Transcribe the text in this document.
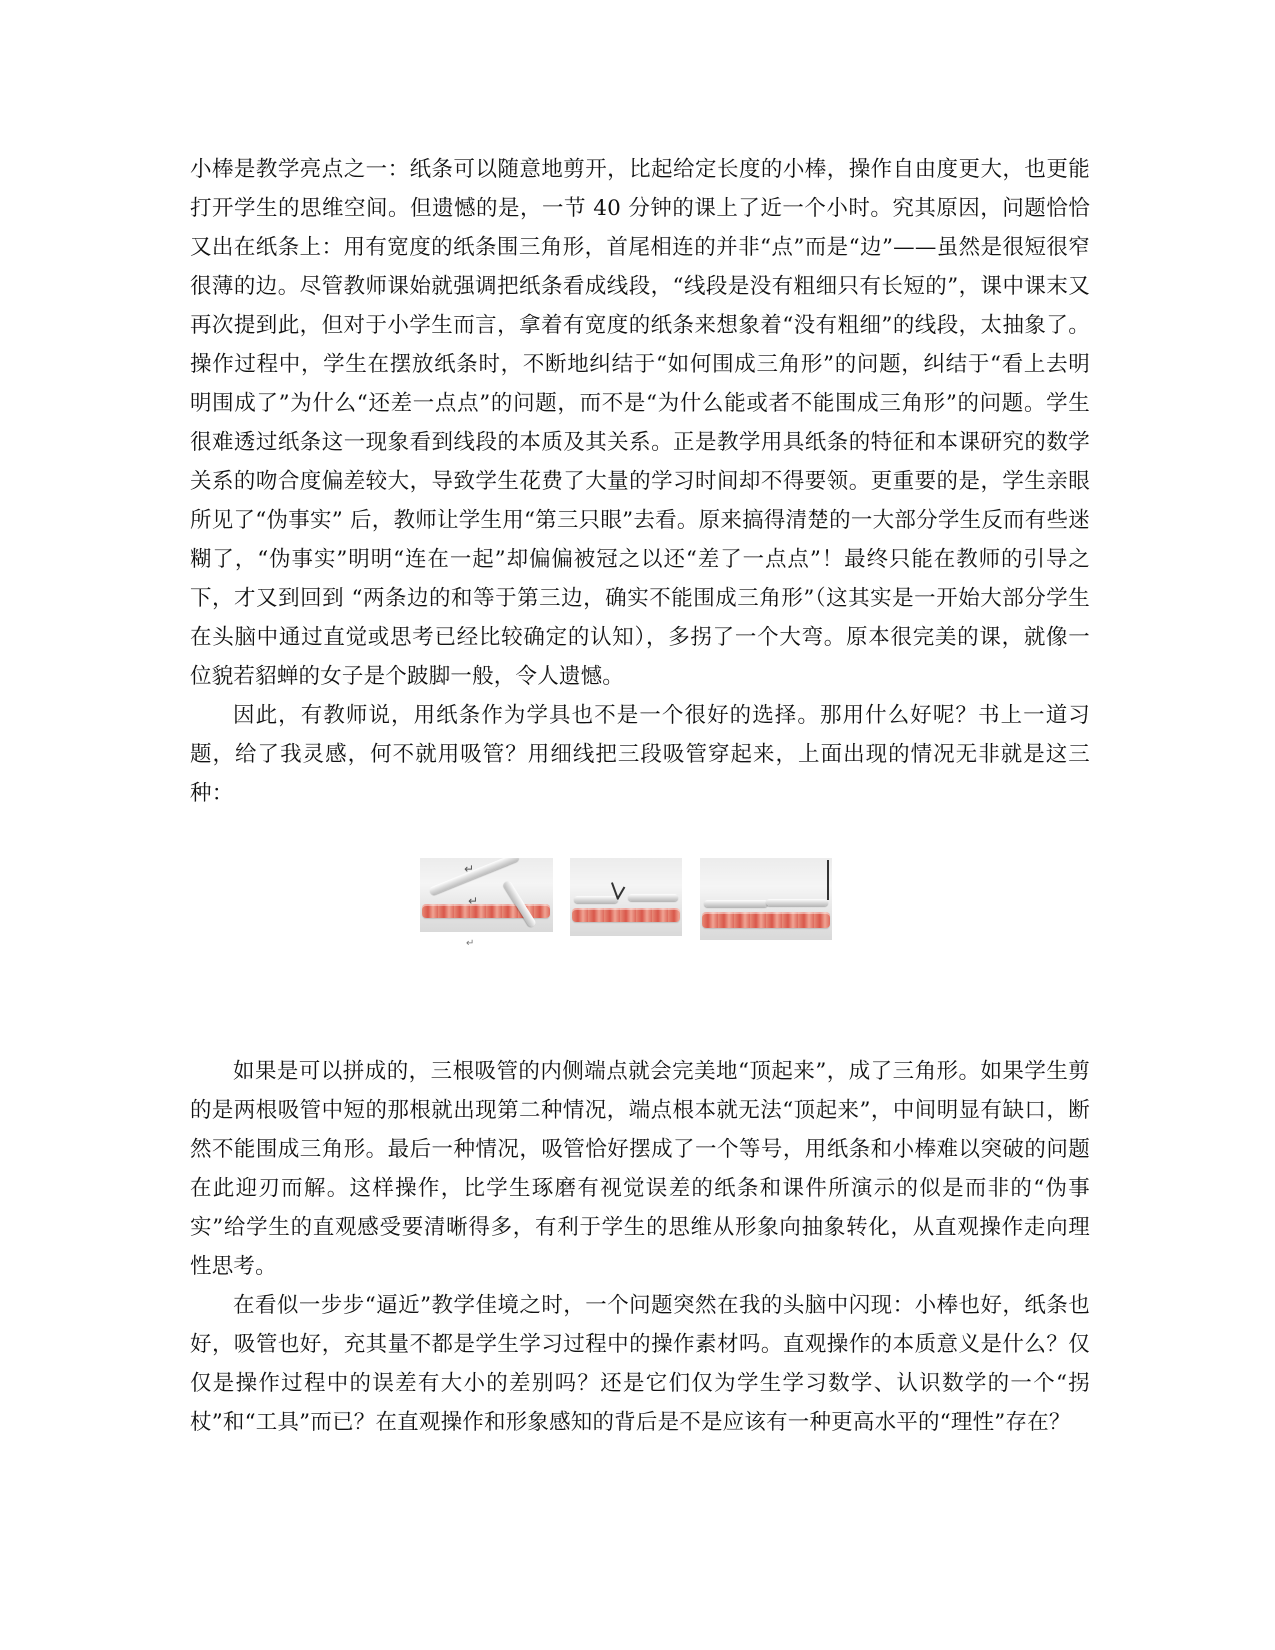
小棒是教学亮点之一：纸条可以随意地剪开，比起给定长度的小棒，操作自由度更大，也更能打开学生的思维空间。但遗憾的是，一节 40 分钟的课上了近一个小时。究其原因，问题恰恰又出在纸条上：用有宽度的纸条围三角形，首尾相连的并非“点”而是“边”——虽然是很短很窄很薄的边。尽管教师课始就强调把纸条看成线段，“线段是没有粗细只有长短的”，课中课末又再次提到此，但对于小学生而言，拿着有宽度的纸条来想象着“没有粗细”的线段，太抽象了。操作过程中，学生在摆放纸条时，不断地纠结于“如何围成三角形”的问题，纠结于“看上去明明围成了”为什么“还差一点点”的问题，而不是“为什么能或者不能围成三角形”的问题。学生很难透过纸条这一现象看到线段的本质及其关系。正是教学用具纸条的特征和本课研究的数学关系的吻合度偏差较大，导致学生花费了大量的学习时间却不得要领。更重要的是，学生亲眼所见了“伪事实” 后，教师让学生用“第三只眼”去看。原来搞得清楚的一大部分学生反而有些迷糊了，“伪事实”明明“连在一起”却偏偏被冠之以还“差了一点点”！最终只能在教师的引导之下，才又到回到 “两条边的和等于第三边，确实不能围成三角形”（这其实是一开始大部分学生在头脑中通过直觉或思考已经比较确定的认知），多拐了一个大弯。原本很完美的课，就像一位貌若貂蝉的女子是个跛脚一般，令人遗憾。

因此，有教师说，用纸条作为学具也不是一个很好的选择。那用什么好呢？书上一道习题，给了我灵感，何不就用吸管？用细线把三段吸管穿起来，上面出现的情况无非就是这三种：

↵
↵
↵

如果是可以拼成的，三根吸管的内侧端点就会完美地“顶起来”，成了三角形。如果学生剪的是两根吸管中短的那根就出现第二种情况，端点根本就无法“顶起来”，中间明显有缺口，断然不能围成三角形。最后一种情况，吸管恰好摆成了一个等号，用纸条和小棒难以突破的问题在此迎刃而解。这样操作，比学生琢磨有视觉误差的纸条和课件所演示的似是而非的“伪事实”给学生的直观感受要清晰得多，有利于学生的思维从形象向抽象转化，从直观操作走向理性思考。

在看似一步步“逼近”教学佳境之时，一个问题突然在我的头脑中闪现：小棒也好，纸条也好，吸管也好，充其量不都是学生学习过程中的操作素材吗。直观操作的本质意义是什么？仅仅是操作过程中的误差有大小的差别吗？还是它们仅为学生学习数学、认识数学的一个“拐杖”和“工具”而已？在直观操作和形象感知的背后是不是应该有一种更高水平的“理性”存在？
